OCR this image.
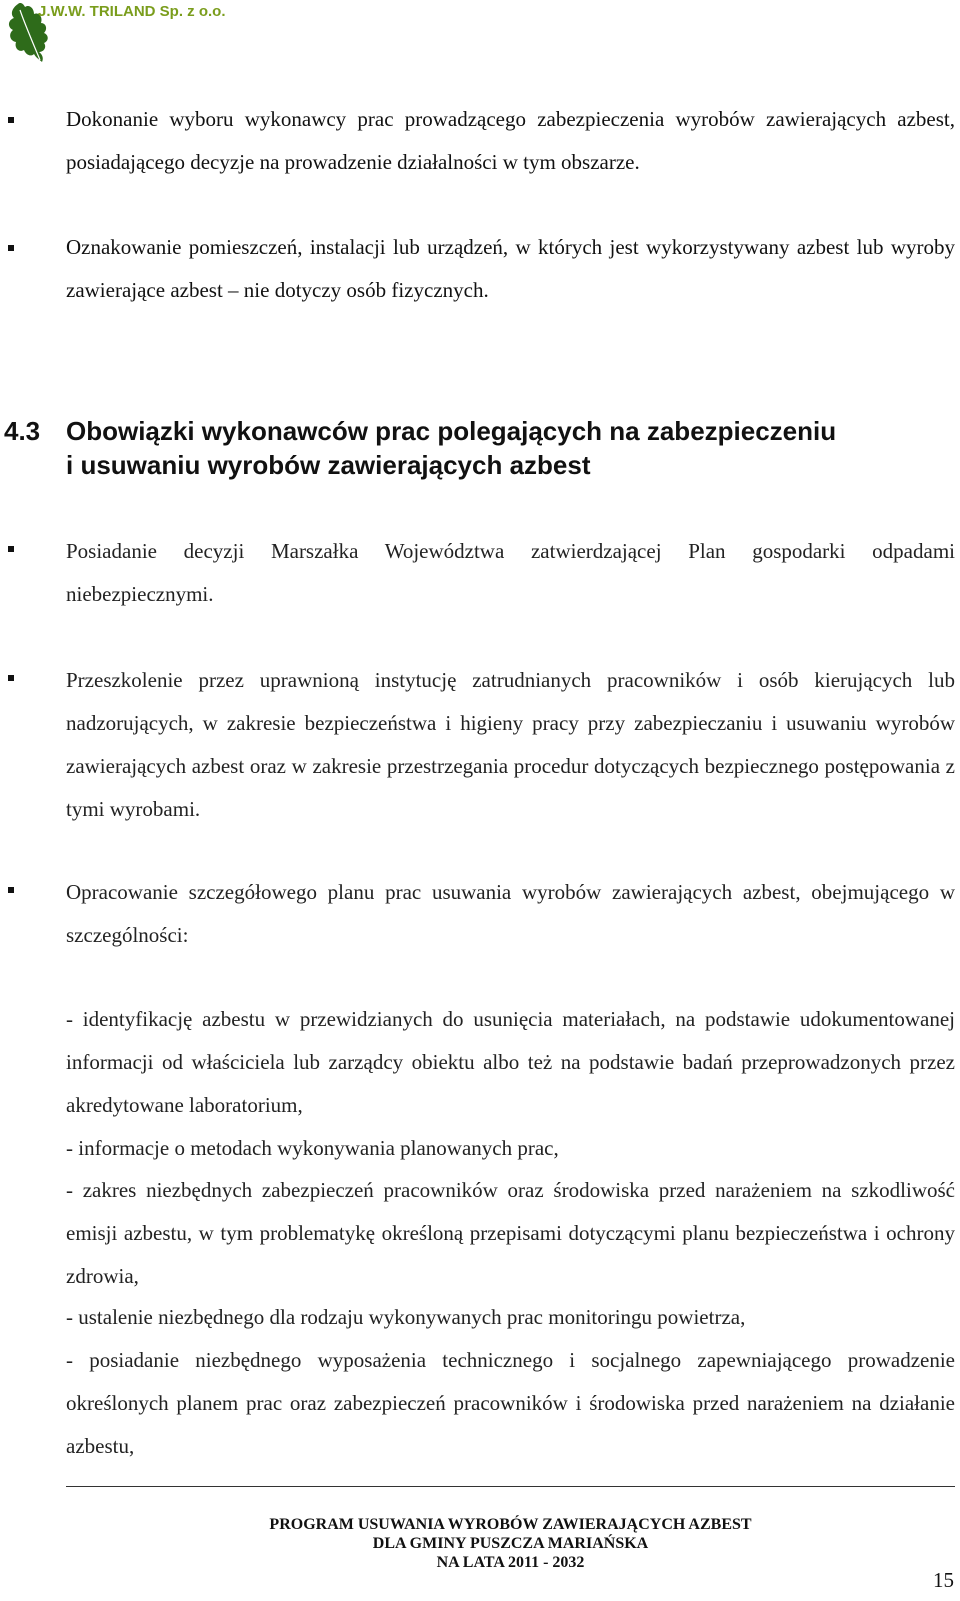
J.W.W. TRILAND Sp. z o.o.
Dokonanie wyboru wykonawcy prac prowadzącego zabezpieczenia wyrobów zawierających azbest, posiadającego decyzje na prowadzenie działalności w tym obszarze.
Oznakowanie pomieszczeń, instalacji lub urządzeń, w których jest wykorzystywany azbest lub wyroby zawierające azbest – nie dotyczy osób fizycznych.
4.3 Obowiązki wykonawców prac polegających na zabezpieczeniu
i usuwaniu wyrobów zawierających azbest
Posiadanie decyzji Marszałka Województwa zatwierdzającej Plan gospodarki odpadami niebezpiecznymi.
Przeszkolenie przez uprawnioną instytucję zatrudnianych pracowników i osób kierujących lub nadzorujących, w zakresie bezpieczeństwa i higieny pracy przy zabezpieczaniu i usuwaniu wyrobów zawierających azbest oraz w zakresie przestrzegania procedur dotyczących bezpiecznego postępowania z tymi wyrobami.
Opracowanie szczegółowego planu prac usuwania wyrobów zawierających azbest, obejmującego w szczególności:
- identyfikację azbestu w przewidzianych do usunięcia materiałach, na podstawie udokumentowanej informacji od właściciela lub zarządcy obiektu albo też na podstawie badań przeprowadzonych przez akredytowane laboratorium,
- informacje o metodach wykonywania planowanych prac,
- zakres niezbędnych zabezpieczeń pracowników oraz środowiska przed narażeniem na szkodliwość emisji azbestu, w tym problematykę określoną przepisami dotyczącymi planu bezpieczeństwa i ochrony zdrowia,
- ustalenie niezbędnego dla rodzaju wykonywanych prac monitoringu powietrza,
- posiadanie niezbędnego wyposażenia technicznego i socjalnego zapewniającego prowadzenie określonych planem prac oraz zabezpieczeń pracowników i środowiska przed narażeniem na działanie azbestu,
PROGRAM USUWANIA WYROBÓW ZAWIERAJĄCYCH AZBEST
DLA GMINY PUSZCZA MARIAŃSKA
NA LATA 2011 - 2032
15
